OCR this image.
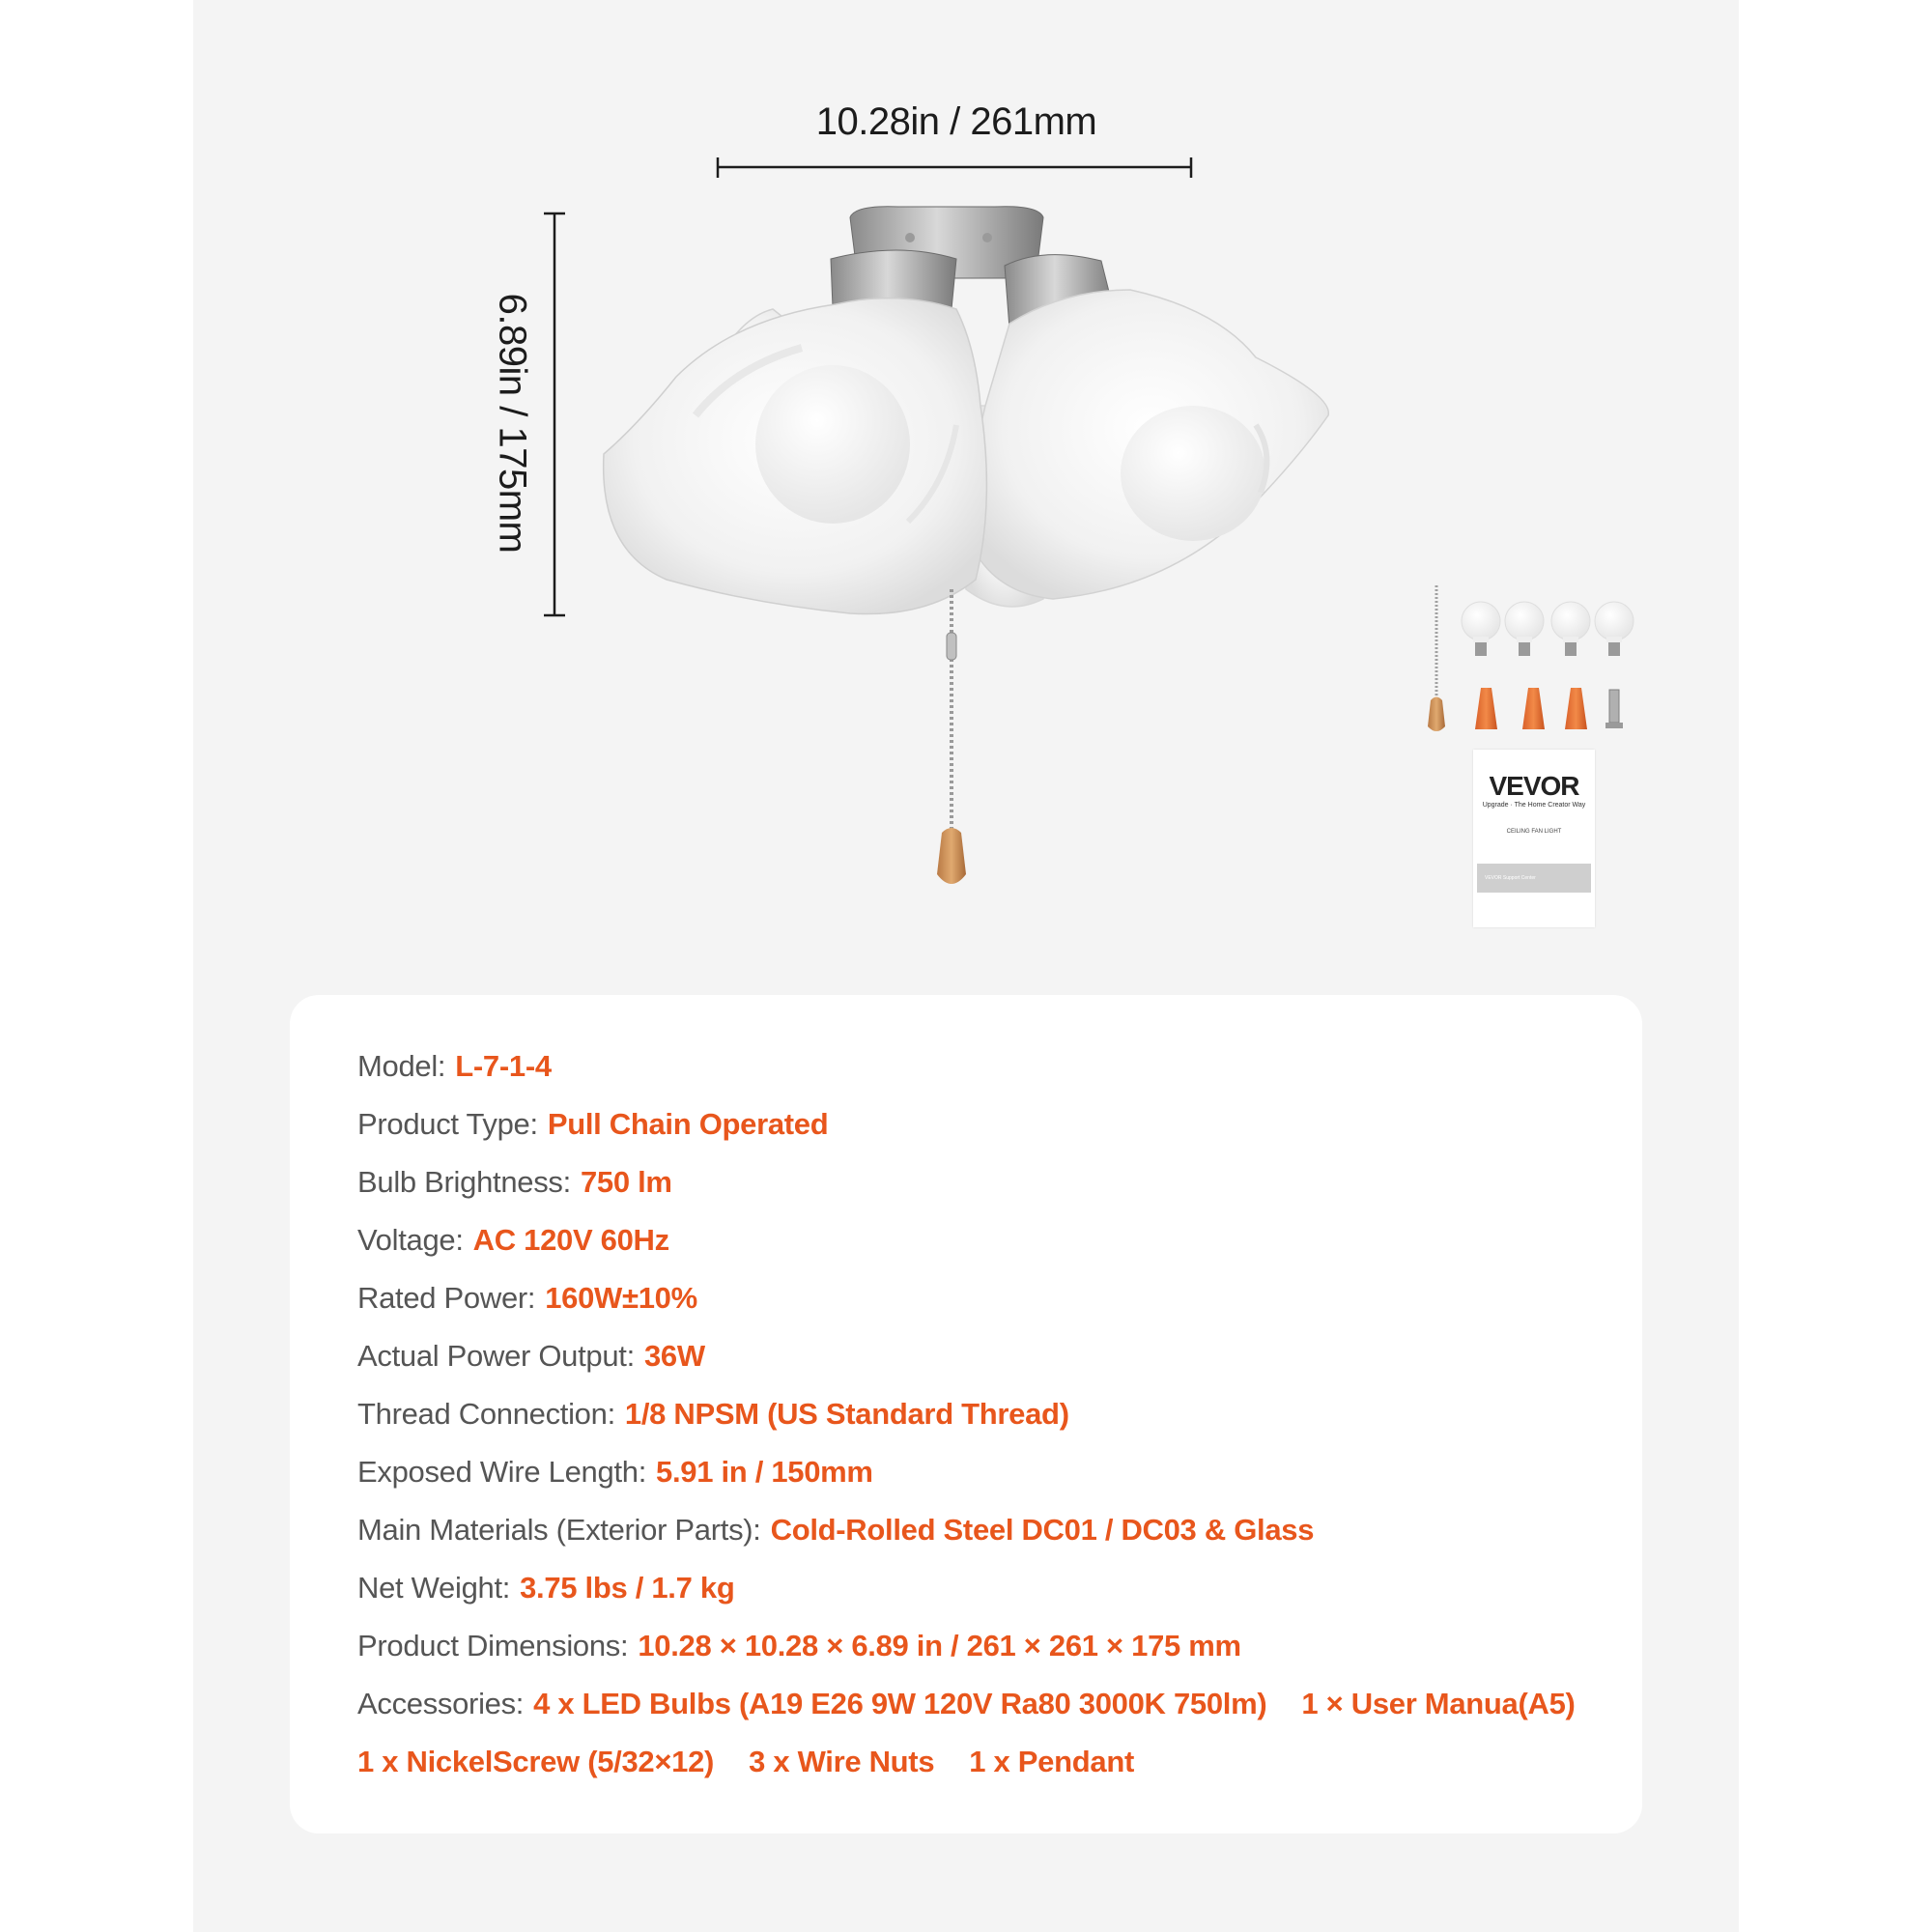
10.28in / 261mm
6.89in / 175mm
VEVOR
Upgrade · The Home Creator Way
CEILING FAN LIGHT
VEVOR Support Center
Model: L-7-1-4
Product Type: Pull Chain Operated
Bulb Brightness: 750 lm
Voltage: AC 120V 60Hz
Rated Power: 160W±10%
Actual Power Output: 36W
Thread Connection: 1/8 NPSM (US Standard Thread)
Exposed Wire Length: 5.91 in / 150mm
Main Materials (Exterior Parts): Cold-Rolled Steel DC01 / DC03 & Glass
Net Weight: 3.75 lbs / 1.7 kg
Product Dimensions: 10.28 × 10.28 × 6.89 in / 261 × 261 × 175 mm
Accessories: 4 x LED Bulbs (A19 E26 9W 120V Ra80 3000K 750lm) 1 × User Manua(A5)
1 x NickelScrew (5/32×12) 3 x Wire Nuts 1 x Pendant
